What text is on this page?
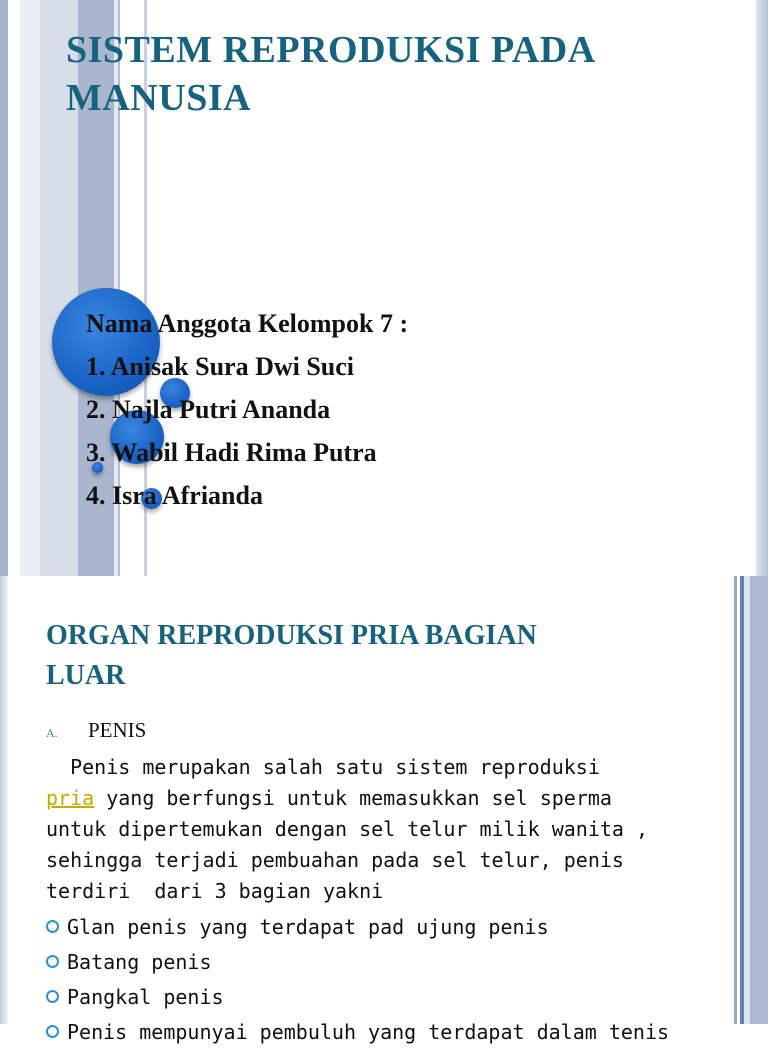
SISTEM REPRODUKSI PADA
MANUSIA
Nama Anggota Kelompok 7 :
1. Anisak Sura Dwi Suci
2. Najla Putri Ananda
3. Wabil Hadi Rima Putra
4. Isra Afrianda
ORGAN REPRODUKSI PRIA BAGIAN
LUAR
A.	PENIS
Penis merupakan salah satu sistem reproduksi
pria yang berfungsi untuk memasukkan sel sperma
untuk dipertemukan dengan sel telur milik wanita ,
sehingga terjadi pembuahan pada sel telur, penis
terdiri  dari 3 bagian yakni
Glan penis yang terdapat pad ujung penis
Batang penis
Pangkal penis
Penis mempunyai pembuluh yang terdapat dalam tenis
